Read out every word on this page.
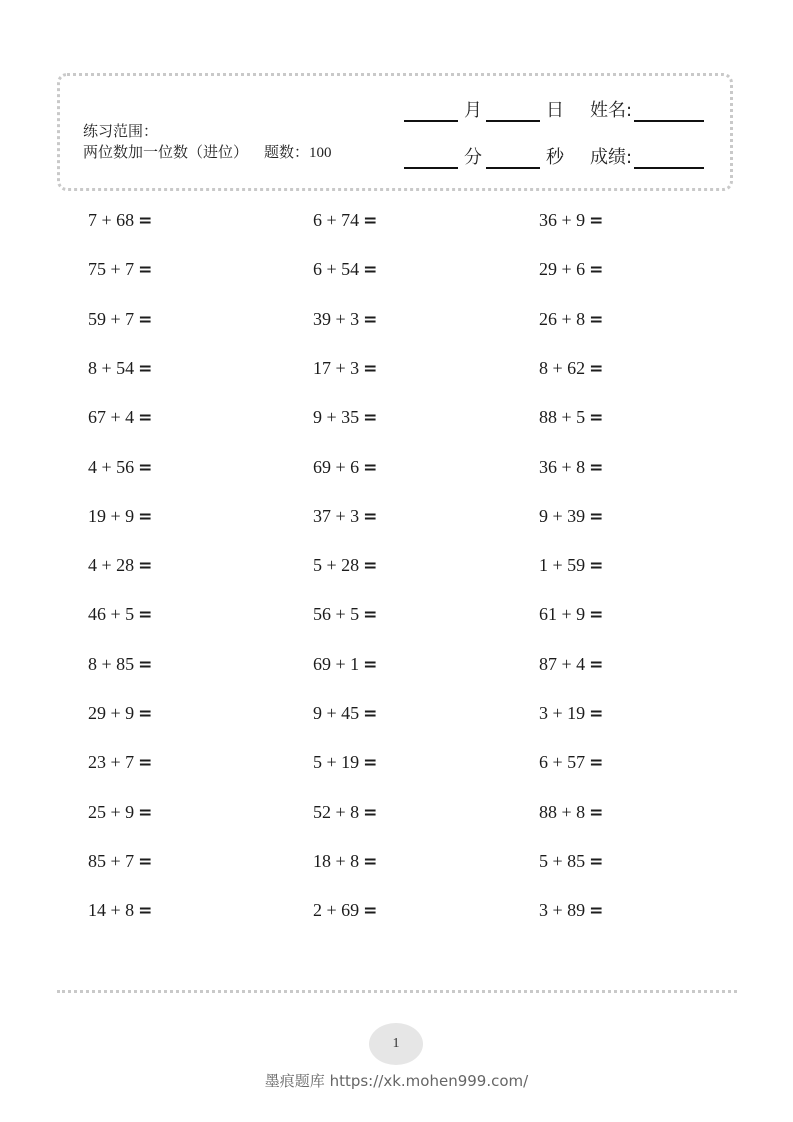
练习范围：
两位数加一位数（进位） 题数：100
月	日 姓名:
分	秒 成绩:
7 + 68 =
75 + 7 =
59 + 7 =
8 + 54 =
67 + 4 =
4 + 56 =
19 + 9 =
4 + 28 =
46 + 5 =
8 + 85 =
29 + 9 =
23 + 7 =
25 + 9 =
85 + 7 =
14 + 8 =
6 + 74 =
6 + 54 =
39 + 3 =
17 + 3 =
9 + 35 =
69 + 6 =
37 + 3 =
5 + 28 =
56 + 5 =
69 + 1 =
9 + 45 =
5 + 19 =
52 + 8 =
18 + 8 =
2 + 69 =
36 + 9 =
29 + 6 =
26 + 8 =
8 + 62 =
88 + 5 =
36 + 8 =
9 + 39 =
1 + 59 =
61 + 9 =
87 + 4 =
3 + 19 =
6 + 57 =
88 + 8 =
5 + 85 =
3 + 89 =
1
墨痕题库 https://xk.mohen999.com/
